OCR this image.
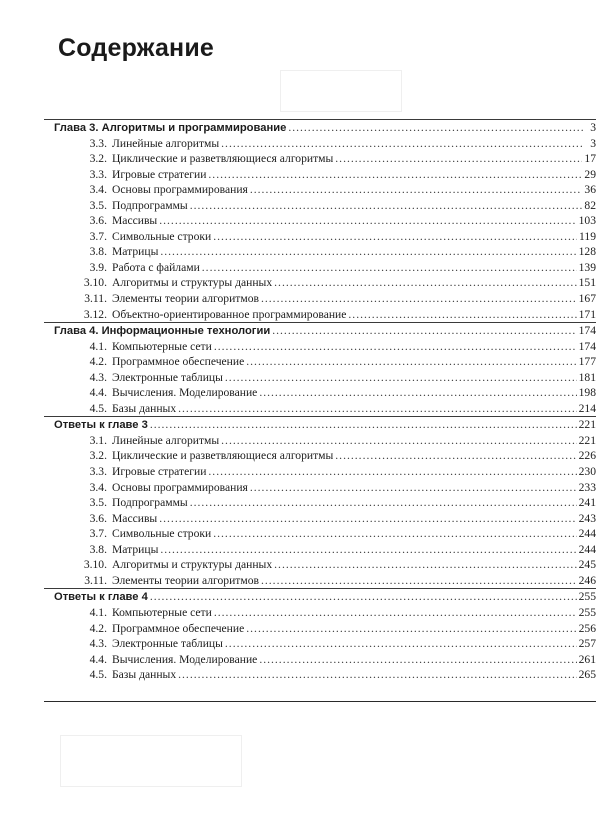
Содержание
Глава 3. Алгоритмы и программирование .....	3
3.3. Линейные алгоритмы .....	3
3.2. Циклические и разветвляющиеся алгоритмы .....	17
3.3. Игровые стратегии .....	29
3.4. Основы программирования .....	36
3.5. Подпрограммы .....	82
3.6. Массивы .....	103
3.7. Символьные строки .....	119
3.8. Матрицы .....	128
3.9. Работа с файлами .....	139
3.10. Алгоритмы и структуры данных .....	151
3.11. Элементы теории алгоритмов .....	167
3.12. Объектно-ориентированное программирование .....	171
Глава 4. Информационные технологии .....	174
4.1. Компьютерные сети .....	174
4.2. Программное обеспечение .....	177
4.3. Электронные таблицы .....	181
4.4. Вычисления. Моделирование .....	198
4.5. Базы данных .....	214
Ответы к главе 3 .....	221
3.1. Линейные алгоритмы .....	221
3.2. Циклические и разветвляющиеся алгоритмы .....	226
3.3. Игровые стратегии .....	230
3.4. Основы программирования .....	233
3.5. Подпрограммы .....	241
3.6. Массивы .....	243
3.7. Символьные строки .....	244
3.8. Матрицы .....	244
3.10. Алгоритмы и структуры данных .....	245
3.11. Элементы теории алгоритмов .....	246
Ответы к главе 4 .....	255
4.1. Компьютерные сети .....	255
4.2. Программное обеспечение .....	256
4.3. Электронные таблицы .....	257
4.4. Вычисления. Моделирование .....	261
4.5. Базы данных .....	265
